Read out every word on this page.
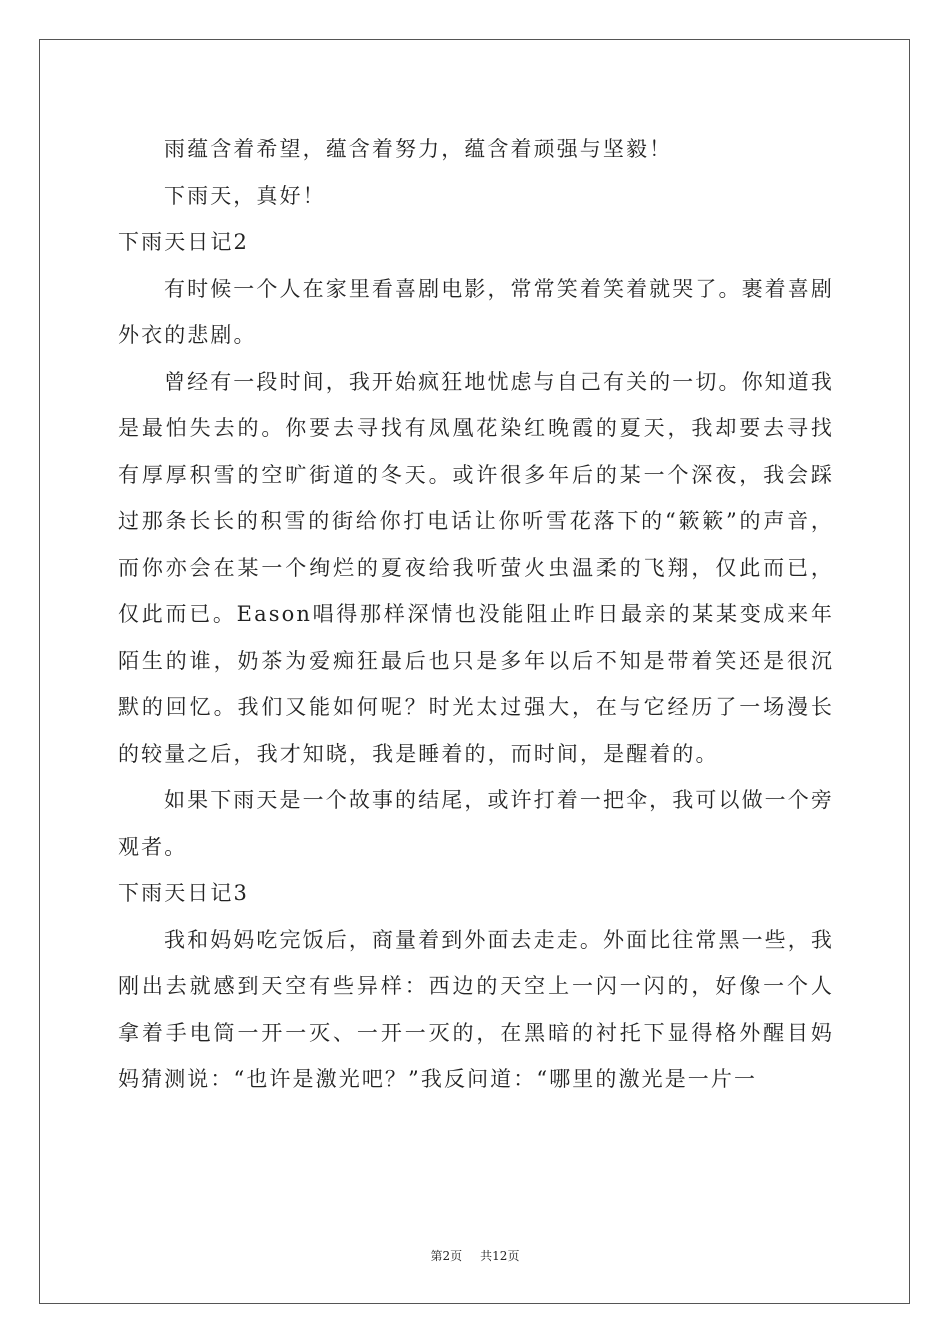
雨蕴含着希望，蕴含着努力，蕴含着顽强与坚毅！

下雨天，真好！

下雨天日记2

有时候一个人在家里看喜剧电影，常常笑着笑着就哭了。裹着喜剧外衣的悲剧。

曾经有一段时间，我开始疯狂地忧虑与自己有关的一切。你知道我是最怕失去的。你要去寻找有凤凰花染红晚霞的夏天，我却要去寻找有厚厚积雪的空旷街道的冬天。或许很多年后的某一个深夜，我会踩过那条长长的积雪的街给你打电话让你听雪花落下的“簌簌”的声音，而你亦会在某一个绚烂的夏夜给我听萤火虫温柔的飞翔，仅此而已，仅此而已。Eason唱得那样深情也没能阻止昨日最亲的某某变成来年陌生的谁，奶茶为爱痴狂最后也只是多年以后不知是带着笑还是很沉默的回忆。我们又能如何呢？时光太过强大，在与它经历了一场漫长的较量之后，我才知晓，我是睡着的，而时间，是醒着的。

如果下雨天是一个故事的结尾，或许打着一把伞，我可以做一个旁观者。

下雨天日记3

我和妈妈吃完饭后，商量着到外面去走走。外面比往常黑一些，我刚出去就感到天空有些异样：西边的天空上一闪一闪的，好像一个人拿着手电筒一开一灭、一开一灭的，在黑暗的衬托下显得格外醒目妈妈猜测说：“也许是激光吧？”我反问道：“哪里的激光是一片一

第2页 共12页
